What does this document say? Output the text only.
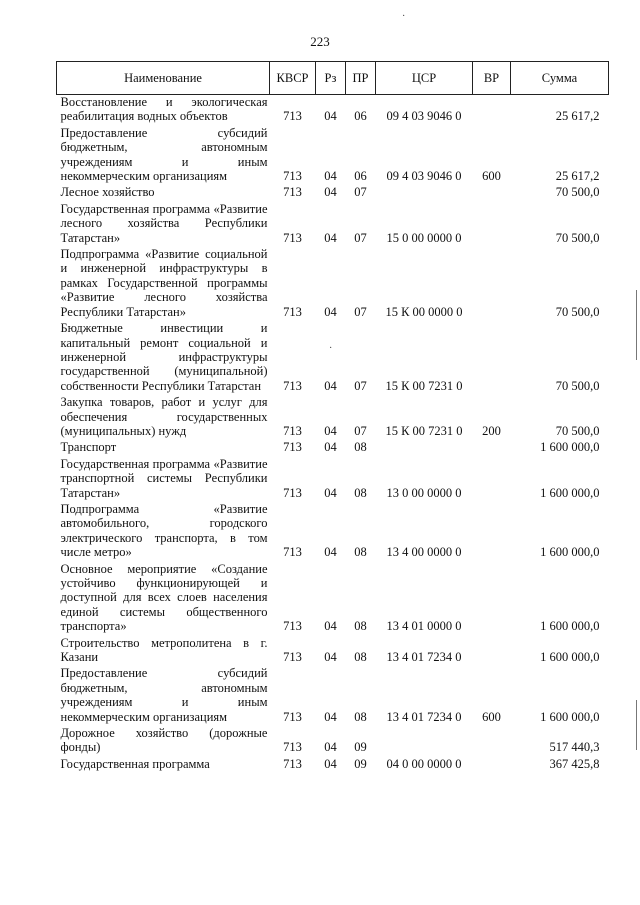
223
·
·
Наименование	КВСР	Рз	ПР	ЦСР	ВР	Сумма
Восстановление и экологическая реабилитация водных объектов	713	04	06	09 4 03 9046 0		25 617,2
Предоставление субсидий бюджетным, автономным учреждениям и иным некоммерческим организациям	713	04	06	09 4 03 9046 0	600	25 617,2
Лесное хозяйство	713	04	07			70 500,0
Государственная программа «Развитие лесного хозяйства Республики Татарстан»	713	04	07	15 0 00 0000 0		70 500,0
Подпрограмма «Развитие социальной и инженерной инфраструктуры в рамках Государственной программы «Развитие лесного хозяйства Республики Татарстан»	713	04	07	15 К 00 0000 0		70 500,0
Бюджетные инвестиции и капитальный ремонт социальной и инженерной инфраструктуры государственной (муниципальной) собственности Республики Татарстан	713	04	07	15 К 00 7231 0		70 500,0
Закупка товаров, работ и услуг для обеспечения государственных (муниципальных) нужд	713	04	07	15 К 00 7231 0	200	70 500,0
Транспорт	713	04	08			1 600 000,0
Государственная программа «Развитие транспортной системы Республики Татарстан»	713	04	08	13 0 00 0000 0		1 600 000,0
Подпрограмма «Развитие автомобильного, городского электрического транспорта, в том числе метро»	713	04	08	13 4 00 0000 0		1 600 000,0
Основное мероприятие «Создание устойчиво функционирующей и доступной для всех слоев населения единой системы общественного транспорта»	713	04	08	13 4 01 0000 0		1 600 000,0
Строительство метрополитена в г. Казани	713	04	08	13 4 01 7234 0		1 600 000,0
Предоставление субсидий бюджетным, автономным учреждениям и иным некоммерческим организациям	713	04	08	13 4 01 7234 0	600	1 600 000,0
Дорожное хозяйство (дорожные фонды)	713	04	09			517 440,3
Государственная программа	713	04	09	04 0 00 0000 0		367 425,8
